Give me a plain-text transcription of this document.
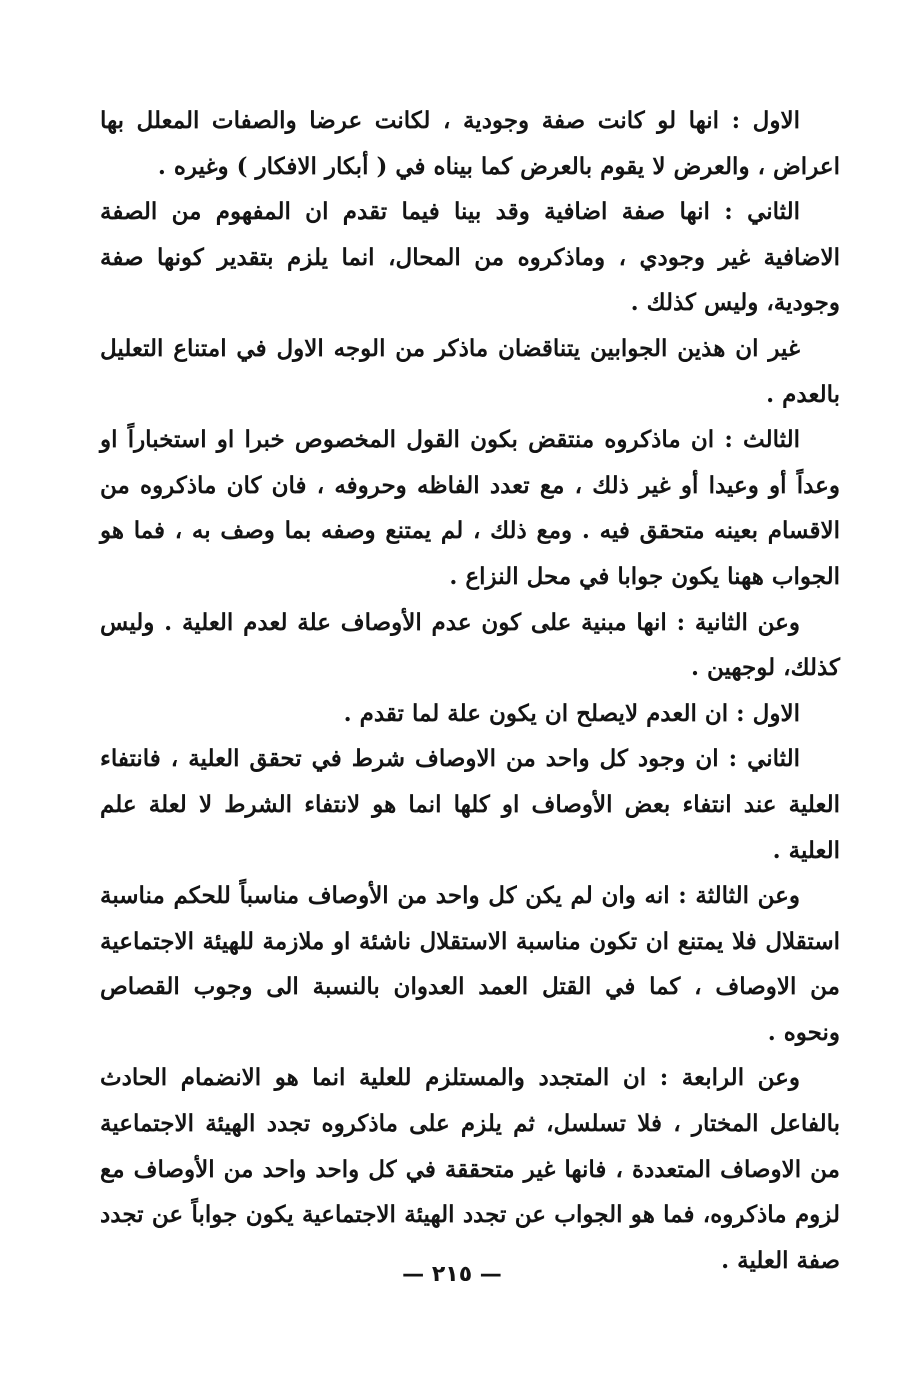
الاول : انها لو كانت صفة وجودية ، لكانت عرضا والصفات المعلل بها اعراض ، والعرض لا يقوم بالعرض كما بيناه في ( أبكار الافكار ) وغيره .

الثاني : انها صفة اضافية وقد بينا فيما تقدم ان المفهوم من الصفة الاضافية غير وجودي ، وماذكروه من المحال، انما يلزم بتقدير كونها صفة وجودية، وليس كذلك .

غير ان هذين الجوابين يتناقضان ماذكر من الوجه الاول في امتناع التعليل بالعدم .

الثالث : ان ماذكروه منتقض بكون القول المخصوص خبرا او استخباراً او وعداً أو وعيدا أو غير ذلك ، مع تعدد الفاظه وحروفه ، فان كان ماذكروه من الاقسام بعينه متحقق فيه . ومع ذلك ، لم يمتنع وصفه بما وصف به ، فما هو الجواب ههنا يكون جوابا في محل النزاع .

وعن الثانية : انها مبنية على كون عدم الأوصاف علة لعدم العلية . وليس كذلك، لوجهين .

الاول : ان العدم لايصلح ان يكون علة لما تقدم .

الثاني : ان وجود كل واحد من الاوصاف شرط في تحقق العلية ، فانتفاء العلية عند انتفاء بعض الأوصاف او كلها انما هو لانتفاء الشرط لا لعلة علم العلية .

وعن الثالثة : انه وان لم يكن كل واحد من الأوصاف مناسباً للحكم مناسبة استقلال فلا يمتنع ان تكون مناسبة الاستقلال ناشئة او ملازمة للهيئة الاجتماعية من الاوصاف ، كما في القتل العمد العدوان بالنسبة الى وجوب القصاص ونحوه .

وعن الرابعة : ان المتجدد والمستلزم للعلية انما هو الانضمام الحادث بالفاعل المختار ، فلا تسلسل، ثم يلزم على ماذكروه تجدد الهيئة الاجتماعية من الاوصاف المتعددة ، فانها غير متحققة في كل واحد واحد من الأوصاف مع لزوم ماذكروه، فما هو الجواب عن تجدد الهيئة الاجتماعية يكون جواباً عن تجدد صفة العلية .

— ٢١٥ —
